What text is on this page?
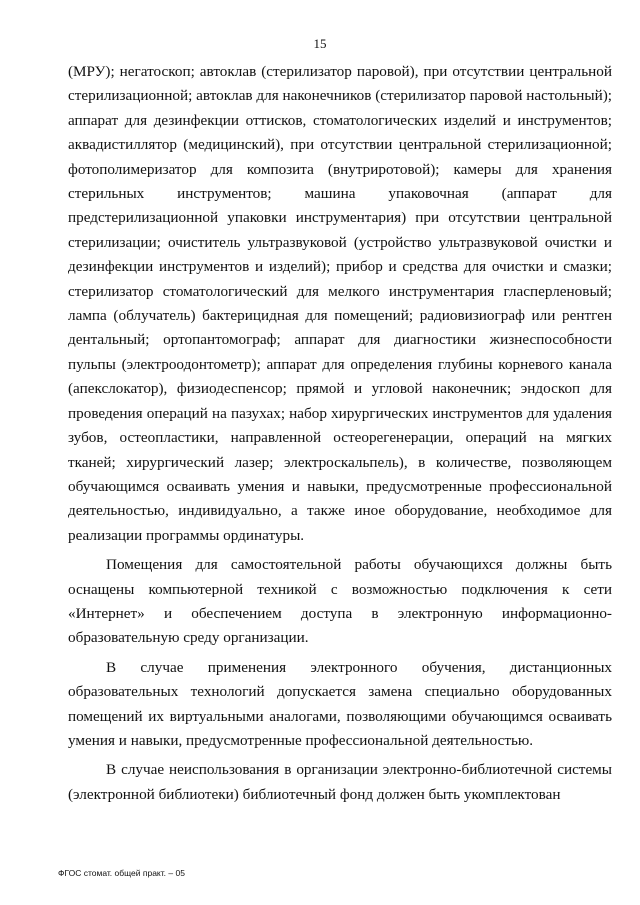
15

(МРУ); негатоскоп; автоклав (стерилизатор паровой), при отсутствии центральной стерилизационной; автоклав для наконечников (стерилизатор паровой настольный); аппарат для дезинфекции оттисков, стоматологических изделий и инструментов; аквадистиллятор (медицинский), при отсутствии центральной стерилизационной; фотополимеризатор для композита (внутриротовой); камеры для хранения стерильных инструментов; машина упаковочная (аппарат для предстерилизационной упаковки инструментария) при отсутствии центральной стерилизации; очиститель ультразвуковой (устройство ультразвуковой очистки и дезинфекции инструментов и изделий); прибор и средства для очистки и смазки; стерилизатор стоматологический для мелкого инструментария гласперленовый; лампа (облучатель) бактерицидная для помещений; радиовизиограф или рентген дентальный; ортопантомограф; аппарат для диагностики жизнеспособности пульпы (электроодонтометр); аппарат для определения глубины корневого канала (апекслокатор), физиодеспенсор; прямой и угловой наконечник; эндоскоп для проведения операций на пазухах; набор хирургических инструментов для удаления зубов, остеопластики, направленной остеорегенерации, операций на мягких тканей; хирургический лазер; электроскальпель), в количестве, позволяющем обучающимся осваивать умения и навыки, предусмотренные профессиональной деятельностью, индивидуально, а также иное оборудование, необходимое для реализации программы ординатуры.

Помещения для самостоятельной работы обучающихся должны быть оснащены компьютерной техникой с возможностью подключения к сети «Интернет» и обеспечением доступа в электронную информационно-образовательную среду организации.

В случае применения электронного обучения, дистанционных образовательных технологий допускается замена специально оборудованных помещений их виртуальными аналогами, позволяющими обучающимся осваивать умения и навыки, предусмотренные профессиональной деятельностью.

В случае неиспользования в организации электронно-библиотечной системы (электронной библиотеки) библиотечный фонд должен быть укомплектован

ФГОС стомат. общей практ. – 05
